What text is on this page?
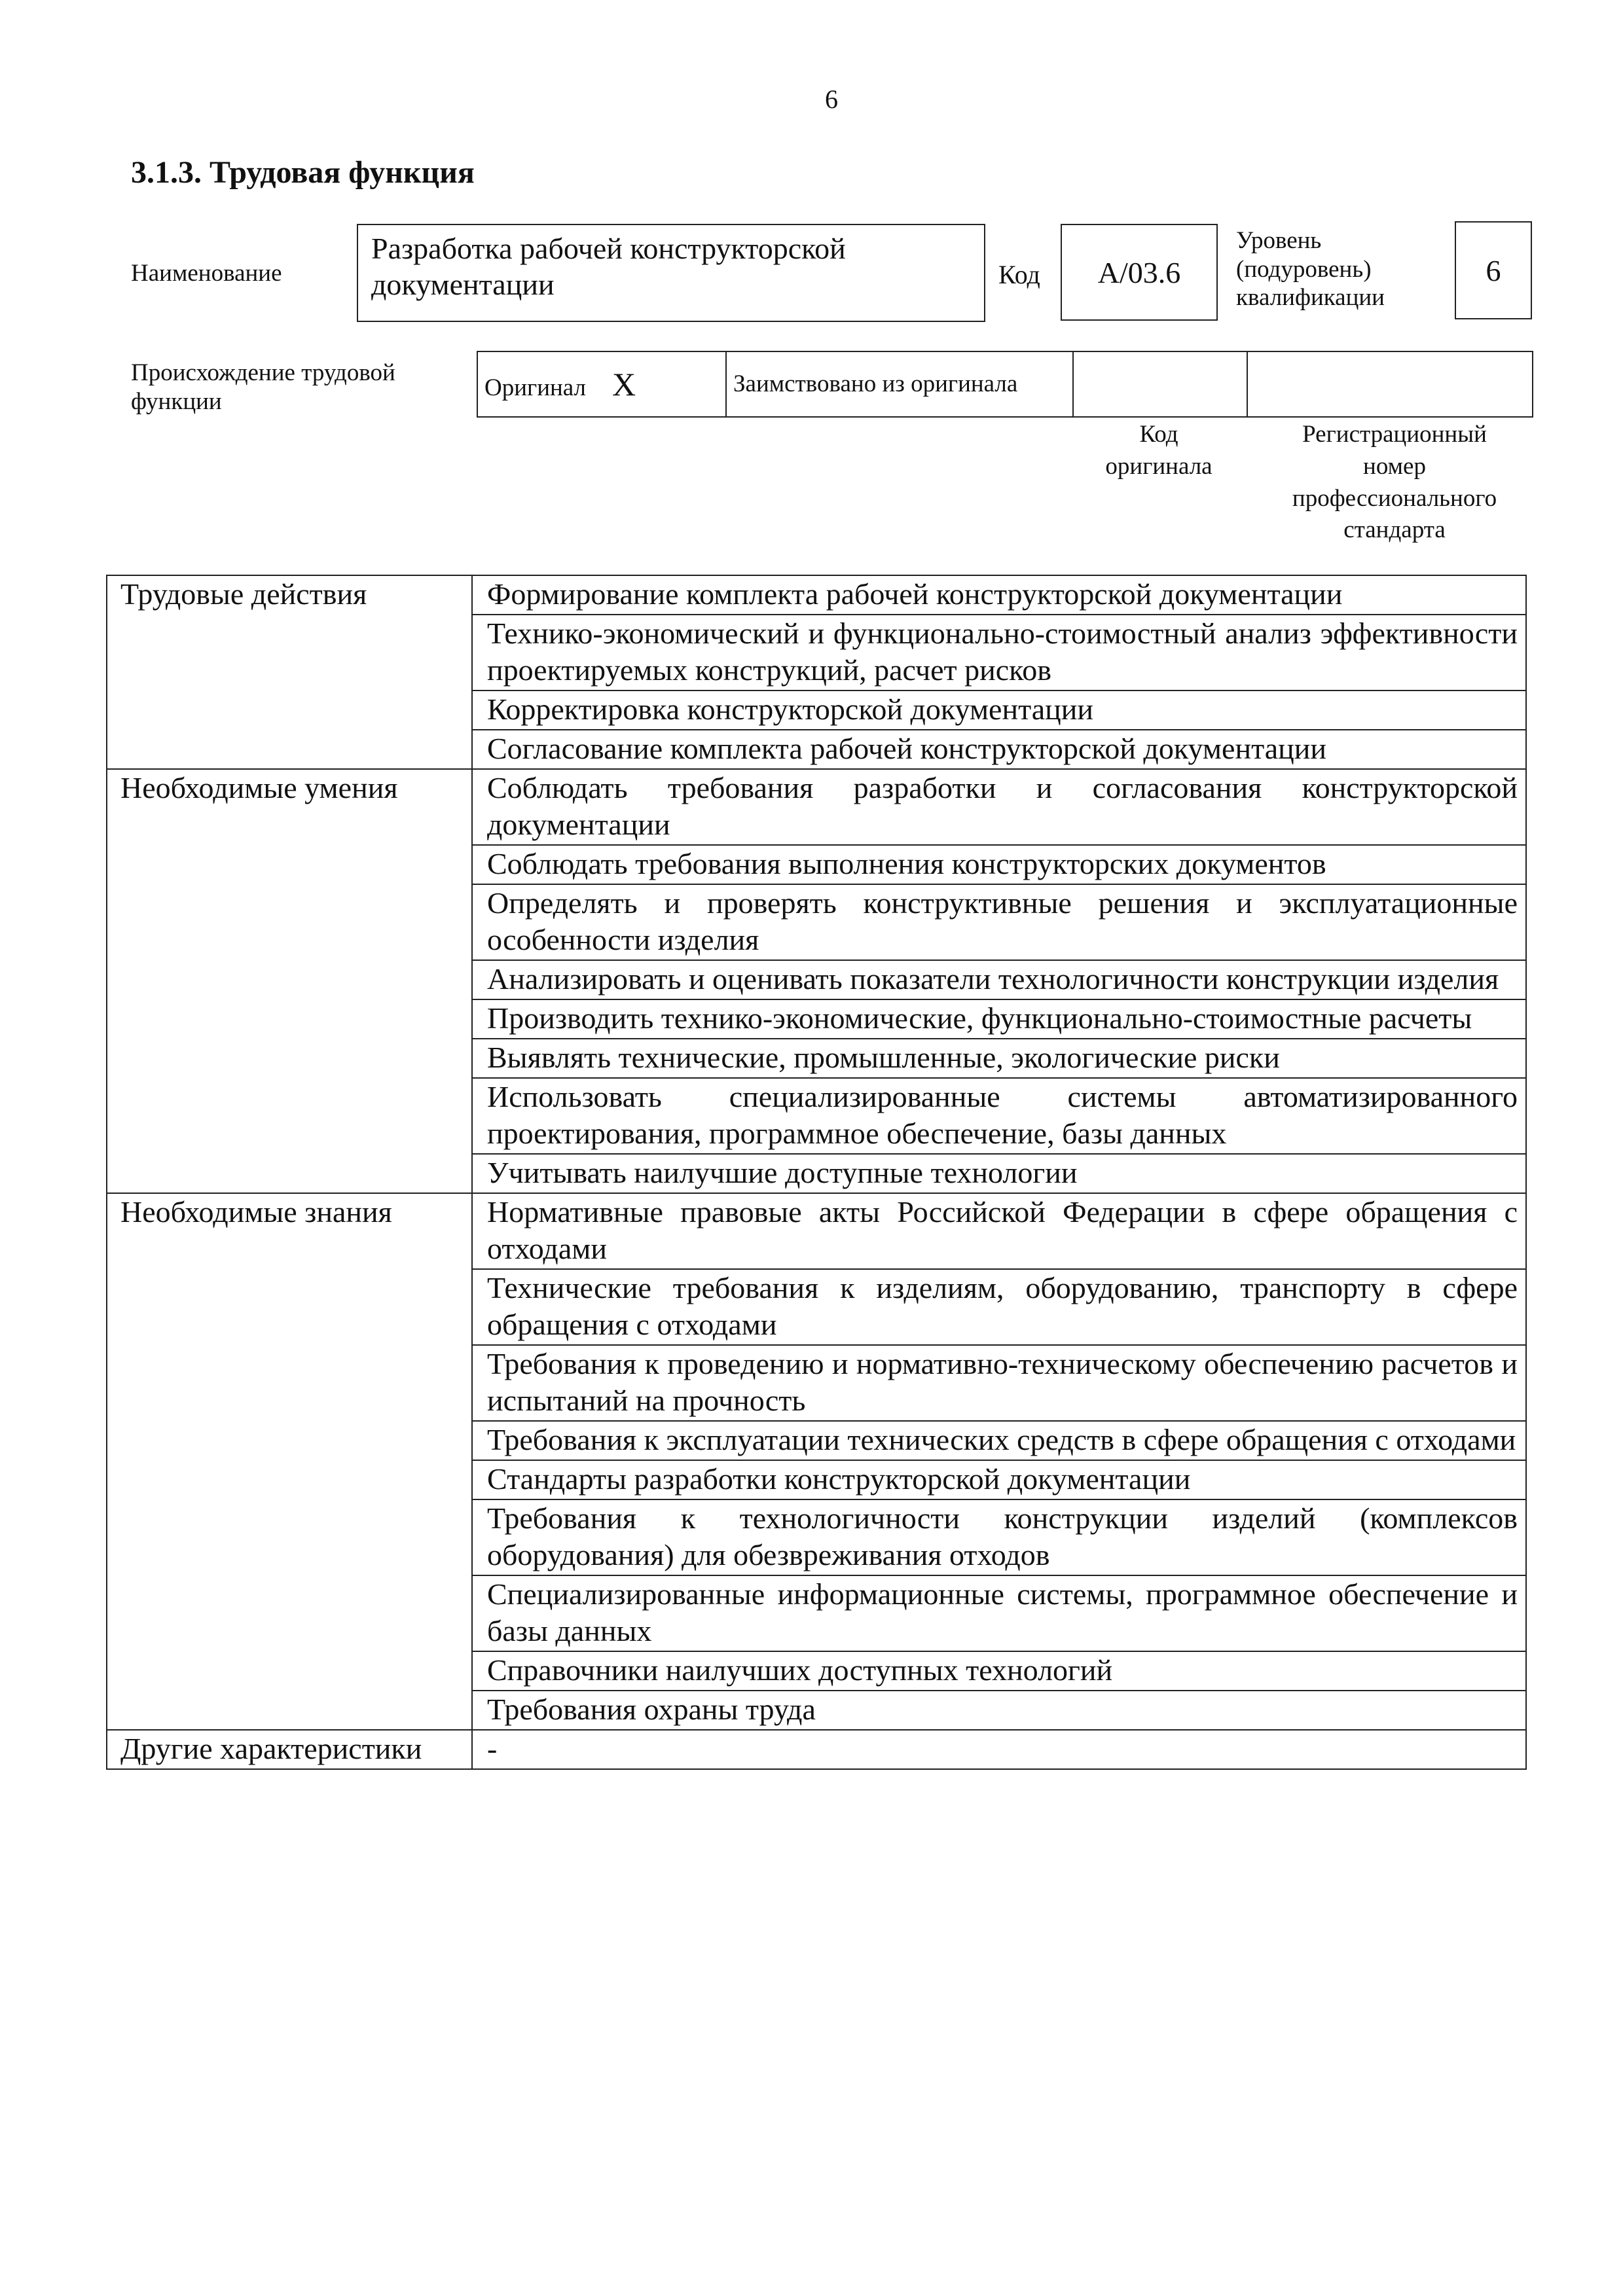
6
3.1.3. Трудовая функция
Наименование
Разработка рабочей конструкторской документации	Код	A/03.6
Уровень (подуровень) квалификации
6
Происхождение трудовой функции
Оригинал X	Заимствовано из оригинала		
Код оригинала
Регистрационный номер профессионального стандарта
Трудовые действия	Формирование комплекта рабочей конструкторской документации
	Технико-экономический и функционально-стоимостный анализ эффективности проектируемых конструкций, расчет рисков
	Корректировка конструкторской документации
	Согласование комплекта рабочей конструкторской документации
Необходимые умения	Соблюдать требования разработки и согласования конструкторской документации
	Соблюдать требования выполнения конструкторских документов
	Определять и проверять конструктивные решения и эксплуатационные особенности изделия
	Анализировать и оценивать показатели технологичности конструкции изделия
	Производить технико-экономические, функционально-стоимостные расчеты
	Выявлять технические, промышленные, экологические риски
	Использовать специализированные системы автоматизированного проектирования, программное обеспечение, базы данных
	Учитывать наилучшие доступные технологии
Необходимые знания	Нормативные правовые акты Российской Федерации в сфере обращения с отходами
	Технические требования к изделиям, оборудованию, транспорту в сфере обращения с отходами
	Требования к проведению и нормативно-техническому обеспечению расчетов и испытаний на прочность
	Требования к эксплуатации технических средств в сфере обращения с отходами
	Стандарты разработки конструкторской документации
	Требования к технологичности конструкции изделий (комплексов оборудования) для обезвреживания отходов
	Специализированные информационные системы, программное обеспечение и базы данных
	Справочники наилучших доступных технологий
	Требования охраны труда
Другие характеристики	-
